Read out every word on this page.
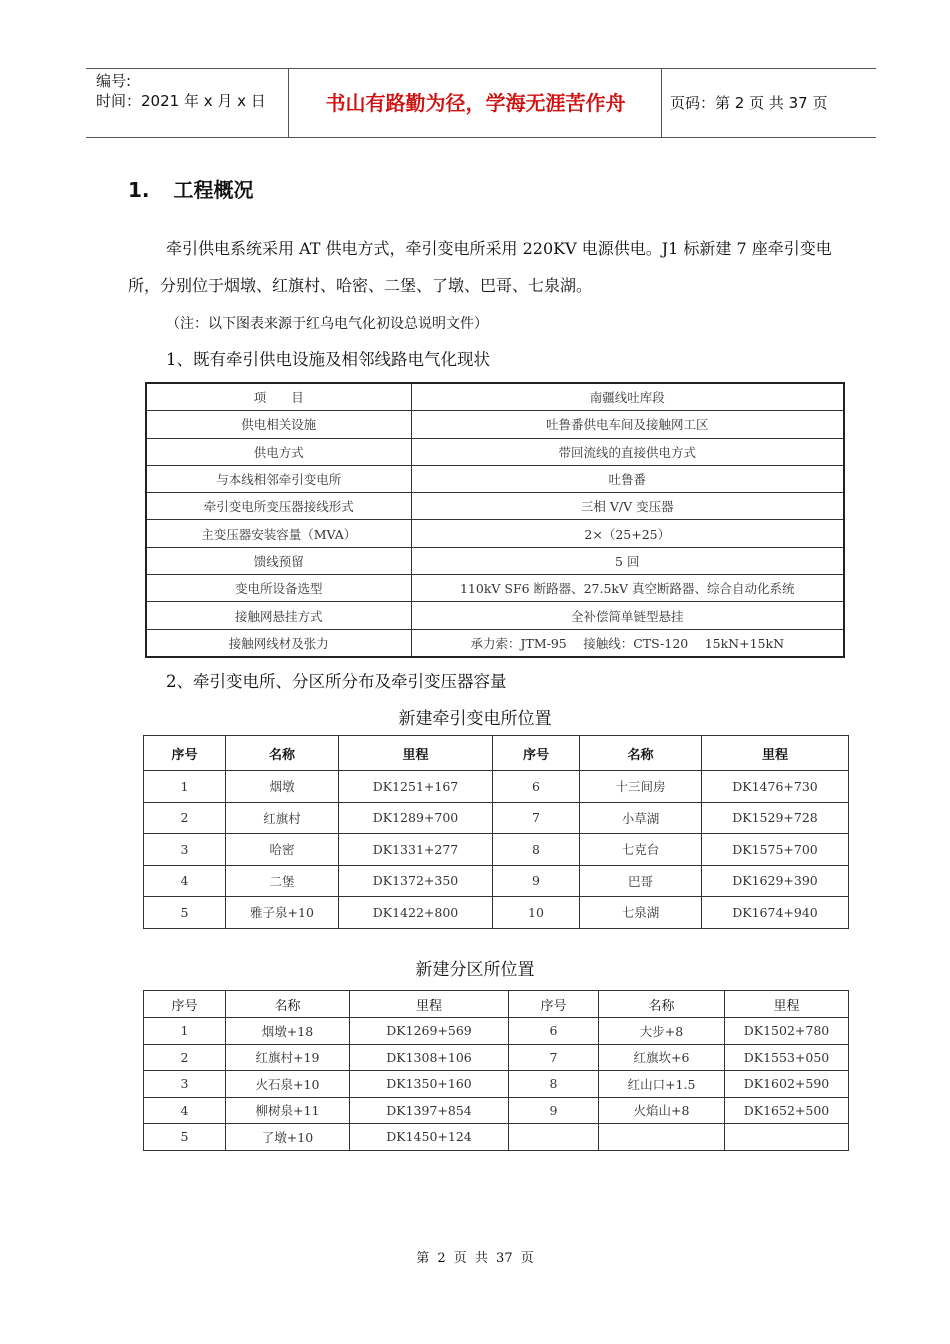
编号:
时间：2021 年 x 月 x 日	书山有路勤为径，学海无涯苦作舟	页码：第 2 页 共 37 页
1. 工程概况
牵引供电系统采用 AT 供电方式，牵引变电所采用 220KV 电源供电。J1 标新建 7 座牵引变电所，分别位于烟墩、红旗村、哈密、二堡、了墩、巴哥、七泉湖。
（注：以下图表来源于红乌电气化初设总说明文件）
1、既有牵引供电设施及相邻线路电气化现状
项　　目	南疆线吐库段
供电相关设施	吐鲁番供电车间及接触网工区
供电方式	带回流线的直接供电方式
与本线相邻牵引变电所	吐鲁番
牵引变电所变压器接线形式	三相 V/V 变压器
主变压器安装容量（MVA）	2×（25+25）
馈线预留	5 回
变电所设备选型	110kV SF6 断路器、27.5kV 真空断路器、综合自动化系统
接触网悬挂方式	全补偿简单链型悬挂
接触网线材及张力	承力索：JTM-95　 接触线：CTS-120　 15kN+15kN
2、牵引变电所、分区所分布及牵引变压器容量
新建牵引变电所位置
序号	名称	里程	序号	名称	里程
1	烟墩	DK1251+167	6	十三间房	DK1476+730
2	红旗村	DK1289+700	7	小草湖	DK1529+728
3	哈密	DK1331+277	8	七克台	DK1575+700
4	二堡	DK1372+350	9	巴哥	DK1629+390
5	雅子泉+10	DK1422+800	10	七泉湖	DK1674+940
新建分区所位置
序号	名称	里程	序号	名称	里程
1	烟墩+18	DK1269+569	6	大步+8	DK1502+780
2	红旗村+19	DK1308+106	7	红旗坎+6	DK1553+050
3	火石泉+10	DK1350+160	8	红山口+1.5	DK1602+590
4	柳树泉+11	DK1397+854	9	火焰山+8	DK1652+500
5	了墩+10	DK1450+124			
第 2 页 共 37 页
